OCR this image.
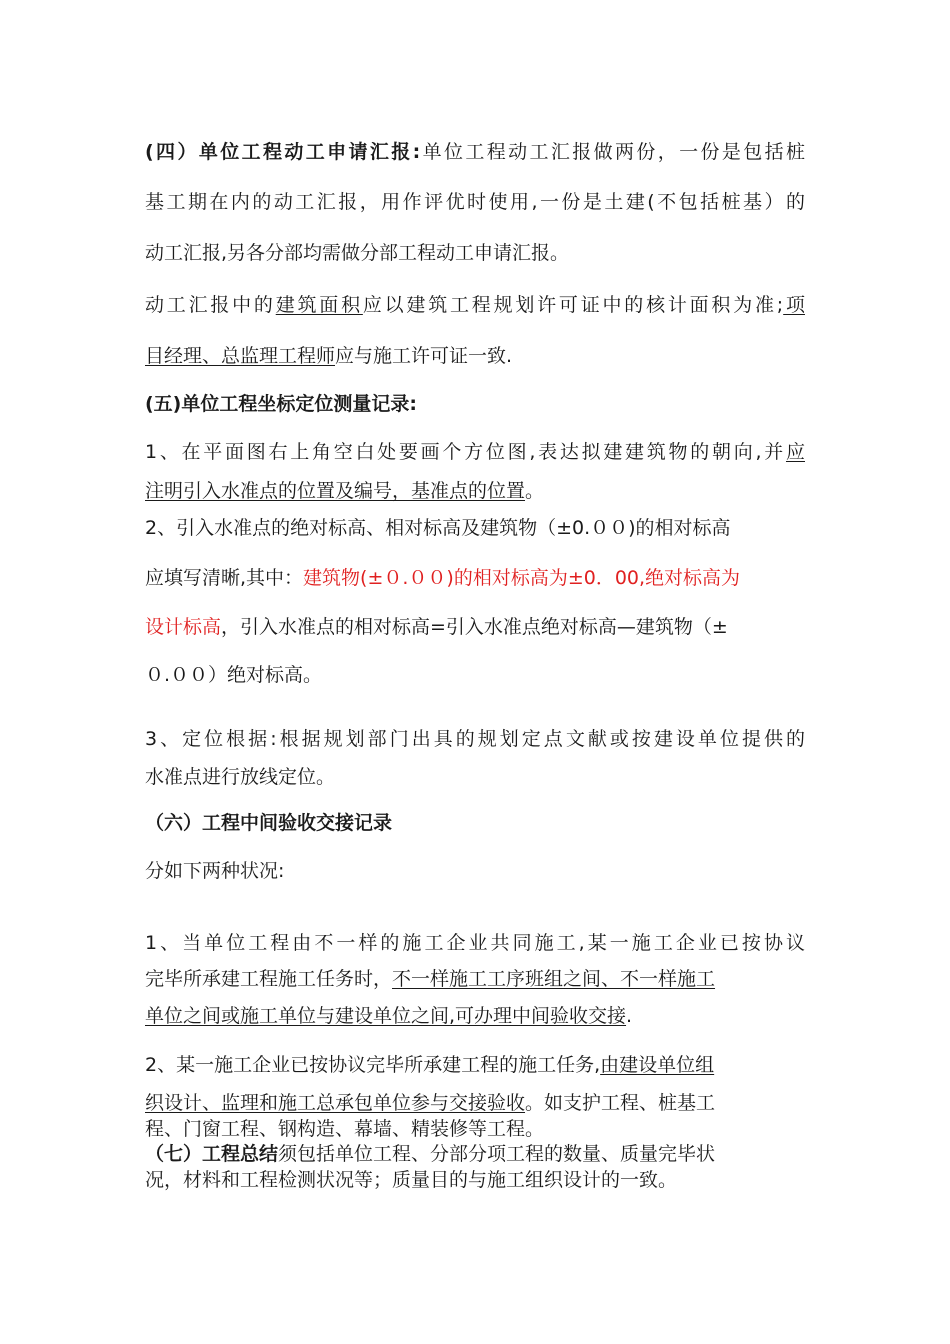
(四）单位工程动工申请汇报:单位工程动工汇报做两份，一份是包括桩

基工期在内的动工汇报，用作评优时使用,一份是土建(不包括桩基）的

动工汇报,另各分部均需做分部工程动工申请汇报。

动工汇报中的建筑面积应以建筑工程规划许可证中的核计面积为准;项

目经理、总监理工程师应与施工许可证一致.

(五)单位工程坐标定位测量记录:

1、在平面图右上角空白处要画个方位图,表达拟建建筑物的朝向,并应

注明引入水准点的位置及编号，基准点的位置。

2、引入水准点的绝对标高、相对标高及建筑物（±0.００)的相对标高

应填写清晰,其中：建筑物(±０.００)的相对标高为±0．00,绝对标高为

设计标高，引入水准点的相对标高=引入水准点绝对标高—建筑物（±

０.００）绝对标高。

3、定位根据:根据规划部门出具的规划定点文献或按建设单位提供的

水准点进行放线定位。

（六）工程中间验收交接记录

分如下两种状况:

1、当单位工程由不一样的施工企业共同施工,某一施工企业已按协议

完毕所承建工程施工任务时，不一样施工工序班组之间、不一样施工

单位之间或施工单位与建设单位之间,可办理中间验收交接.

2、某一施工企业已按协议完毕所承建工程的施工任务,由建设单位组

织设计、监理和施工总承包单位参与交接验收。如支护工程、桩基工

程、门窗工程、钢构造、幕墙、精装修等工程。

（七）工程总结须包括单位工程、分部分项工程的数量、质量完毕状

况，材料和工程检测状况等；质量目的与施工组织设计的一致。
